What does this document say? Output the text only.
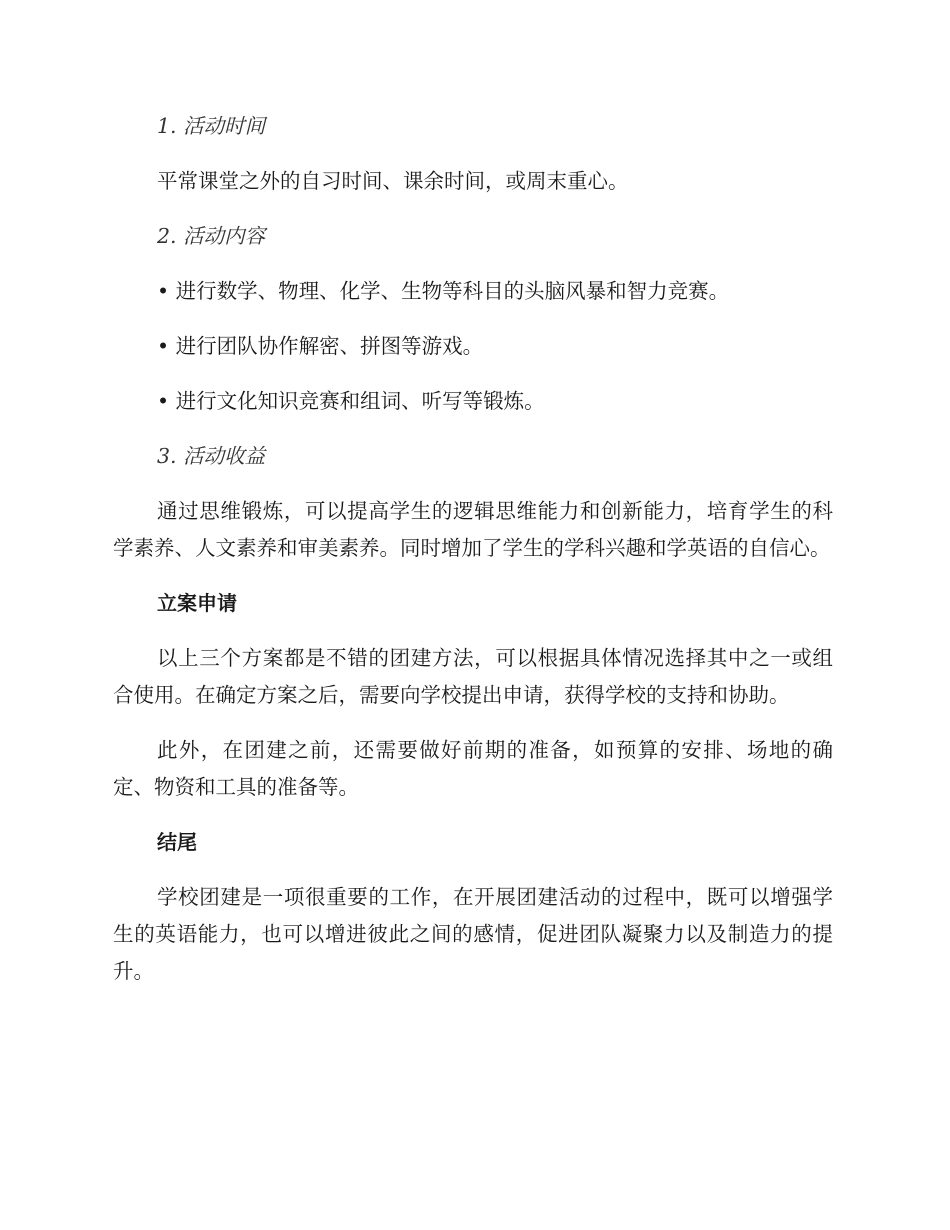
1. 活动时间

平常课堂之外的自习时间、课余时间，或周末重心。

2. 活动内容

• 进行数学、物理、化学、生物等科目的头脑风暴和智力竞赛。

• 进行团队协作解密、拼图等游戏。

• 进行文化知识竞赛和组词、听写等锻炼。

3. 活动收益

通过思维锻炼，可以提高学生的逻辑思维能力和创新能力，培育学生的科学素养、人文素养和审美素养。同时增加了学生的学科兴趣和学英语的自信心。

立案申请

以上三个方案都是不错的团建方法，可以根据具体情况选择其中之一或组合使用。在确定方案之后，需要向学校提出申请，获得学校的支持和协助。

此外，在团建之前，还需要做好前期的准备，如预算的安排、场地的确定、物资和工具的准备等。

结尾

学校团建是一项很重要的工作，在开展团建活动的过程中，既可以增强学生的英语能力，也可以增进彼此之间的感情，促进团队凝聚力以及制造力的提升。
